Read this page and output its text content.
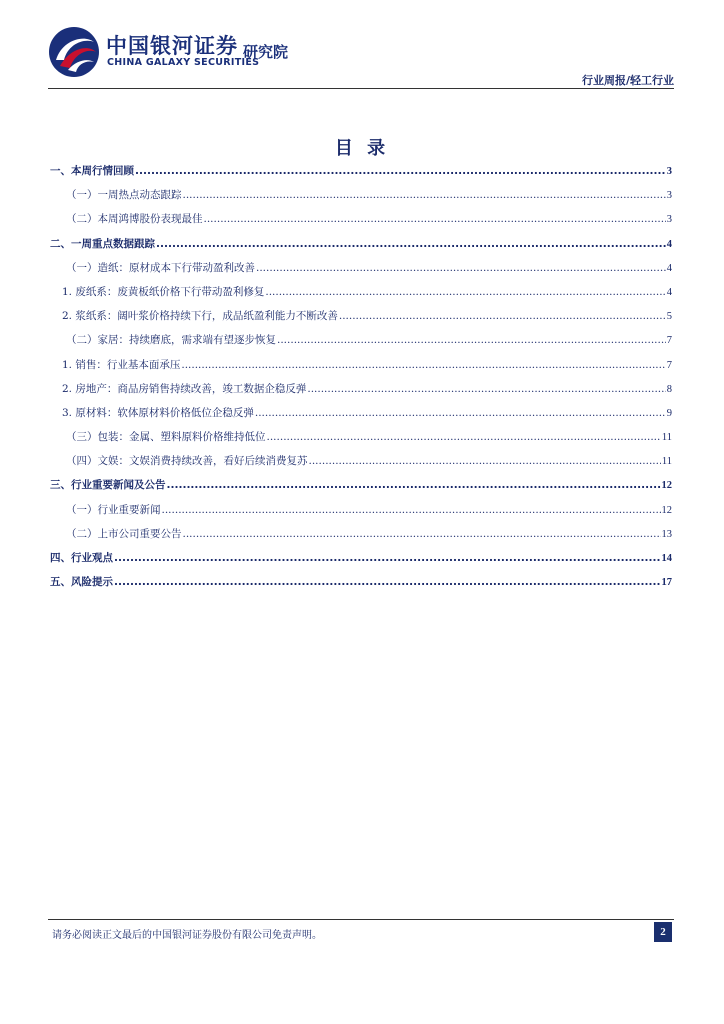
中国银河证券
CHINA GALAXY SECURITIES
研究院
行业周报/轻工行业
目 录
一、本周行情回顾 .....	3
（一）一周热点动态跟踪 .....	3
（二）本周鸿博股份表现最佳 .....	3
二、一周重点数据跟踪 .....	4
（一）造纸：原材成本下行带动盈利改善 .....	4
1. 废纸系：废黄板纸价格下行带动盈利修复 .....	4
2. 浆纸系：阔叶浆价格持续下行，成品纸盈利能力不断改善 .....	5
（二）家居：持续磨底，需求端有望逐步恢复 .....	7
1. 销售：行业基本面承压 .....	7
2. 房地产：商品房销售持续改善，竣工数据企稳反弹 .....	8
3. 原材料：软体原材料价格低位企稳反弹 .....	9
（三）包装：金属、塑料原料价格维持低位 .....	11
（四）文娱：文娱消费持续改善，看好后续消费复苏 .....	11
三、行业重要新闻及公告 .....	12
（一）行业重要新闻 .....	12
（二）上市公司重要公告 .....	13
四、行业观点 .....	14
五、风险提示 .....	17
请务必阅读正文最后的中国银河证券股份有限公司免责声明。	2
